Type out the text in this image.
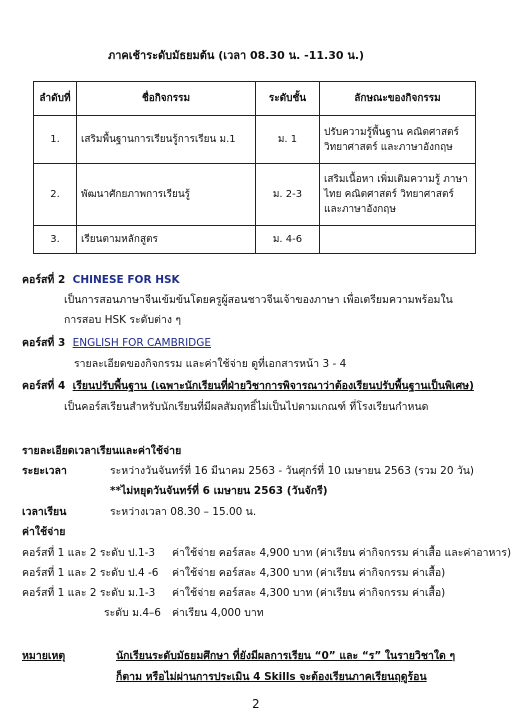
ภาคเช้าระดับมัธยมต้น (เวลา 08.30 น. -11.30 น.)
ลำดับที่	ชื่อกิจกรรม	ระดับชั้น	ลักษณะของกิจกรรม
1.	เสริมพื้นฐานการเรียนรู้การเรียน ม.1	ม. 1	ปรับความรู้พื้นฐาน คณิตศาสตร์ วิทยาศาสตร์ และภาษาอังกฤษ
2.	พัฒนาศักยภาพการเรียนรู้	ม. 2-3	เสริมเนื้อหา เพิ่มเติมความรู้ ภาษาไทย คณิตศาสตร์ วิทยาศาสตร์ และภาษาอังกฤษ
3.	เรียนตามหลักสูตร	ม. 4-6	
คอร์สที่ 2 CHINESE FOR HSK
เป็นการสอนภาษาจีนเข้มข้นโดยครูผู้สอนชาวจีนเจ้าของภาษา เพื่อเตรียมความพร้อมใน
การสอบ HSK ระดับต่าง ๆ
คอร์สที่ 3 ENGLISH FOR CAMBRIDGE
รายละเอียดของกิจกรรม และค่าใช้จ่าย ดูที่เอกสารหน้า 3 - 4
คอร์สที่ 4 เรียนปรับพื้นฐาน (เฉพาะนักเรียนที่ฝ่ายวิชาการพิจารณาว่าต้องเรียนปรับพื้นฐานเป็นพิเศษ)
เป็นคอร์สเรียนสำหรับนักเรียนที่มีผลสัมฤทธิ์ไม่เป็นไปตามเกณฑ์ ที่โรงเรียนกำหนด
รายละเอียดเวลาเรียนและค่าใช้จ่าย
ระยะเวลา	ระหว่างวันจันทร์ที่ 16 มีนาคม 2563 - วันศุกร์ที่ 10 เมษายน 2563 (รวม 20 วัน)
**ไม่หยุดวันจันทร์ที่ 6 เมษายน 2563 (วันจักรี)
เวลาเรียน	ระหว่างเวลา 08.30 – 15.00 น.
ค่าใช้จ่าย
คอร์สที่ 1 และ 2 ระดับ ป.1-3 ค่าใช้จ่าย คอร์สละ 4,900 บาท (ค่าเรียน ค่ากิจกรรม ค่าเสื้อ และค่าอาหาร)
คอร์สที่ 1 และ 2 ระดับ ป.4 -6 ค่าใช้จ่าย คอร์สละ 4,300 บาท (ค่าเรียน ค่ากิจกรรม ค่าเสื้อ)
คอร์สที่ 1 และ 2 ระดับ ม.1-3 ค่าใช้จ่าย คอร์สละ 4,300 บาท (ค่าเรียน ค่ากิจกรรม ค่าเสื้อ)
ระดับ ม.4–6 ค่าเรียน 4,000 บาท
หมายเหตุ	นักเรียนระดับมัธยมศึกษา ที่ยังมีผลการเรียน “0” และ “ร” ในรายวิชาใด ๆ
ก็ตาม หรือไม่ผ่านการประเมิน 4 Skills จะต้องเรียนภาคเรียนฤดูร้อน
2
